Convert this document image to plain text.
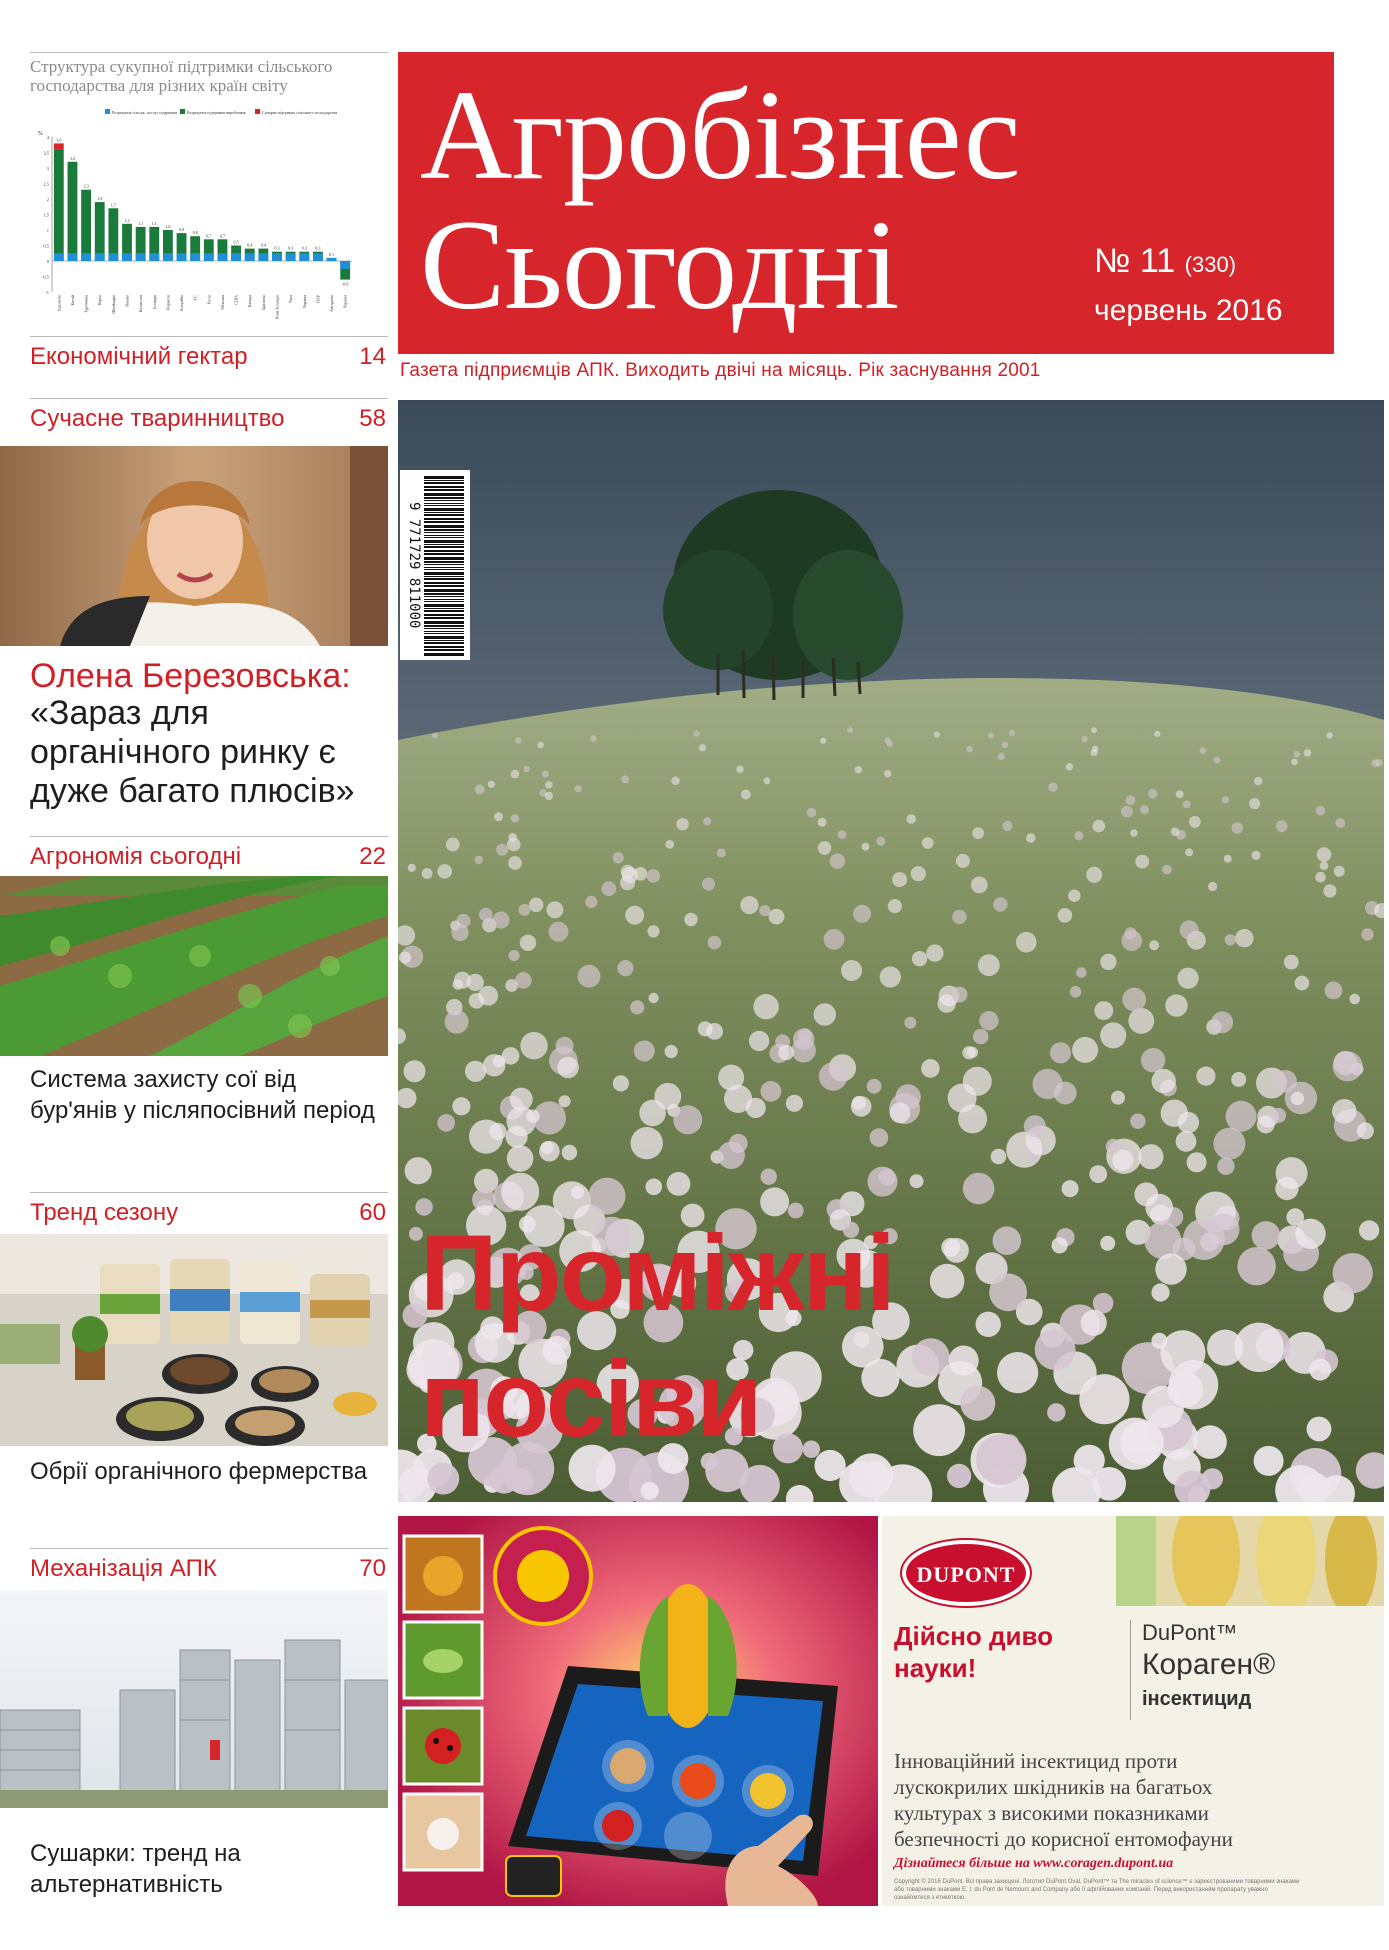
Структура сукупної підтримки сільського господарства для різних країн світу
Розрахунок сільськ. послуг підтримки Розрахунок підтримки виробників	Сумарна підтримка сільського господарства
%
-1
-0,5
0
0,5
1
1,5
2
2,5
3
3,5
4 3,6
Індонезія
3,2
Китай
2,3
Туреччина
1,9
Корея
1,7
Швейцарія
1,2
Японія
1,1
Казахстан
1,1
Ісландія
1,0
Норвегія
0,9
Колумбія
0,8
ЄС
0,7
Росія
0,7
Мексика
0,5
США
0,4
Канада
0,4
Бразилія
0,3
Нова Зеландія
0,3
Чилі
0,3
Україна
0,3
ПАР
0,1
Австралія
-0,6
Україна
Економічний гектар	14
Сучасне тваринництво	58
Олена Березовська:
«Зараз для органічного ринку є дуже багато плюсів»
Агрономія сьогодні	22
Система захисту сої від бур'янів у післяпосівний період
Тренд сезону	60
Обрії органічного фермерства
Механізація АПК	70
Сушарки: тренд на альтернативність
Агробізнес
Сьогодні	№ 11 (330)
червень 2016
Газета підприємців АПК. Виходить двічі на місяць. Рік заснування 2001
9 771729 811000
Проміжні
посіви
DUPONT
Дійсно диво науки!
DuPont™
Кораген®
інсектицид
Інноваційний інсектицид проти лускокрилих шкідників на багатьох культурах з високими показниками безпечності до корисної ентомофауни
Дізнайтеся більше на www.coragen.dupont.ua
Copyright © 2016 DuPont. Всі права захищені. Логотип DuPont Oval, DuPont™ та The miracles of science™ є зареєстрованими товарними знаками або товарними знаками E. I. du Pont de Nemours and Company або її афілійованих компаній. Перед використанням препарату уважно ознайомтеся з етикеткою.
